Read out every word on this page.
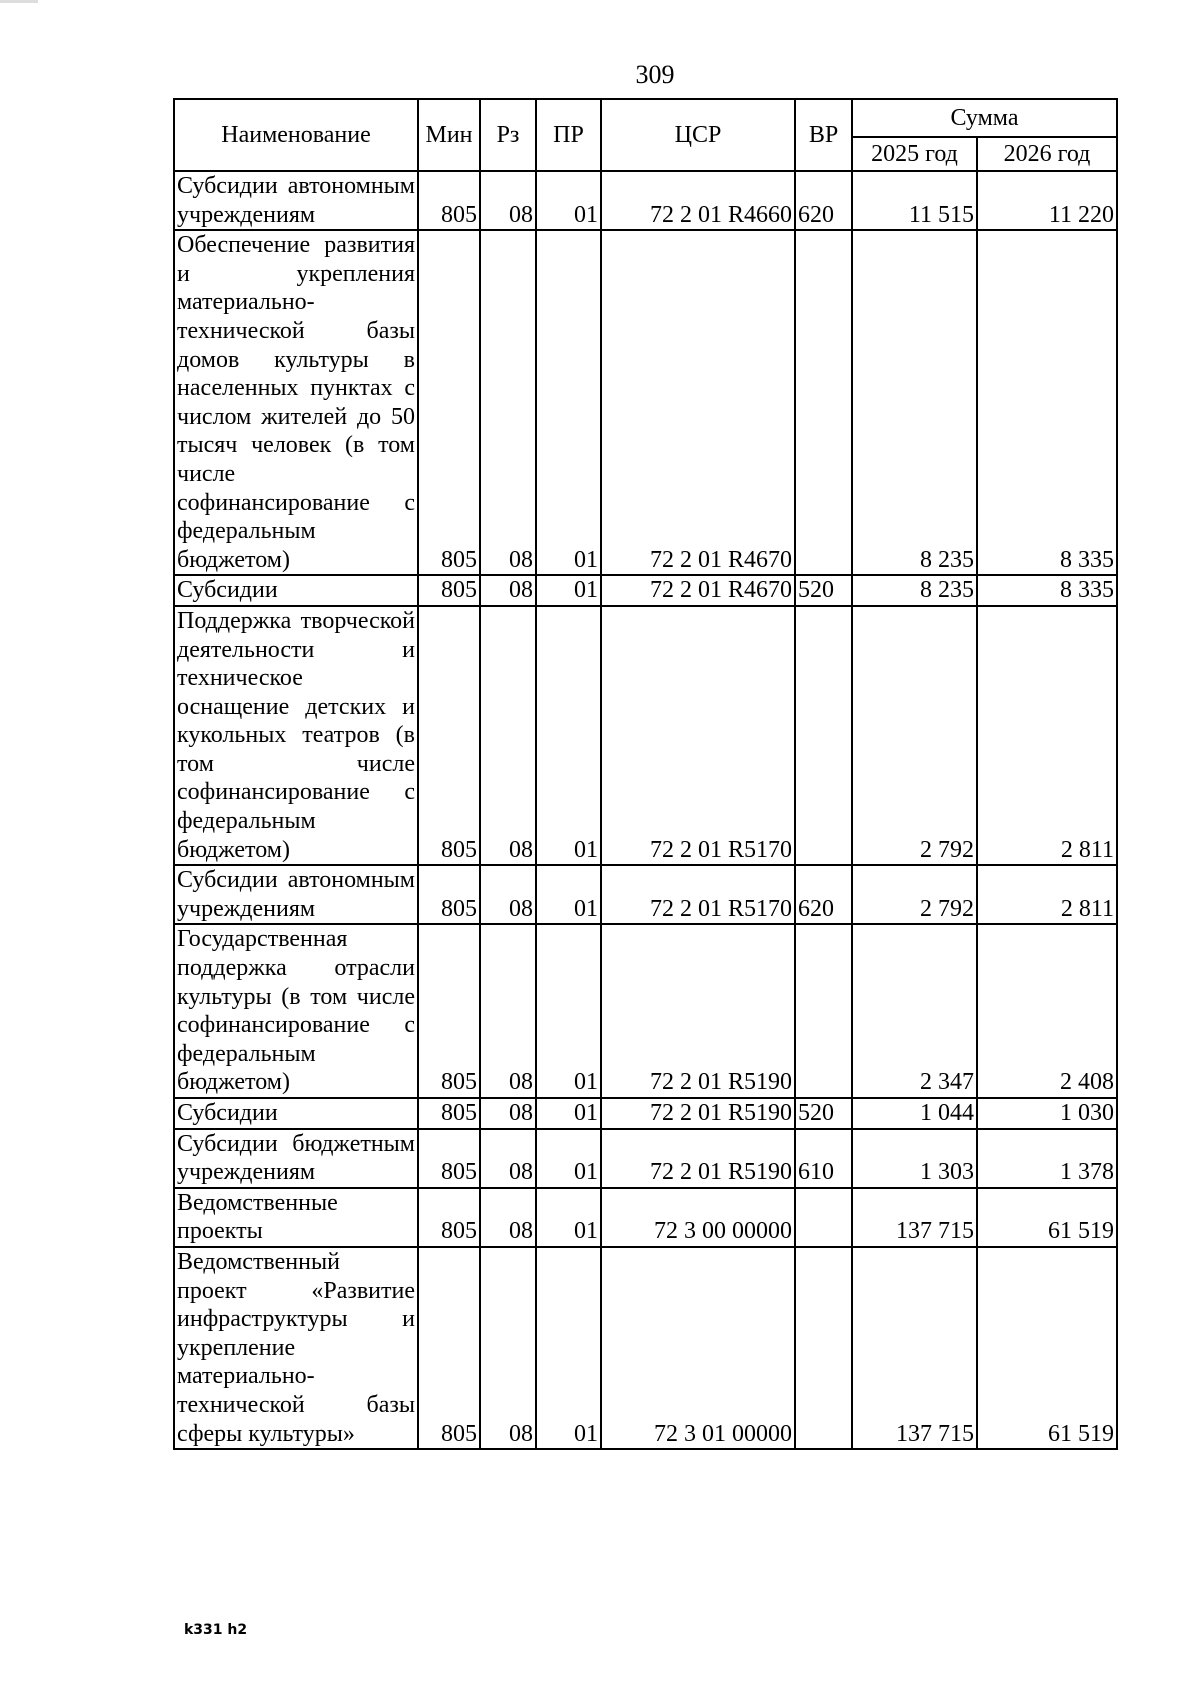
309
Наименование	Мин	Рз	ПР	ЦСР	ВР	Сумма	
						2025 год	2026 год
Субсидии автономным учреждениям	805	08	01	72 2 01 R4660	620	11 515	11 220
Обеспечение развития и укрепления материально-технической базы домов культуры в населенных пунктах с числом жителей до 50 тысяч человек (в том числе софинансирование с федеральным бюджетом)	805	08	01	72 2 01 R4670		8 235	8 335
Субсидии	805	08	01	72 2 01 R4670	520	8 235	8 335
Поддержка творческой деятельности и техническое оснащение детских и кукольных театров (в том числе софинансирование с федеральным бюджетом)	805	08	01	72 2 01 R5170		2 792	2 811
Субсидии автономным учреждениям	805	08	01	72 2 01 R5170	620	2 792	2 811
Государственная поддержка отрасли культуры (в том числе софинансирование с федеральным бюджетом)	805	08	01	72 2 01 R5190		2 347	2 408
Субсидии	805	08	01	72 2 01 R5190	520	1 044	1 030
Субсидии бюджетным учреждениям	805	08	01	72 2 01 R5190	610	1 303	1 378
Ведомственные проекты	805	08	01	72 3 00 00000		137 715	61 519
Ведомственный проект «Развитие инфраструктуры и укрепление материально-технической базы сферы культуры»	805	08	01	72 3 01 00000		137 715	61 519
k331 h2
